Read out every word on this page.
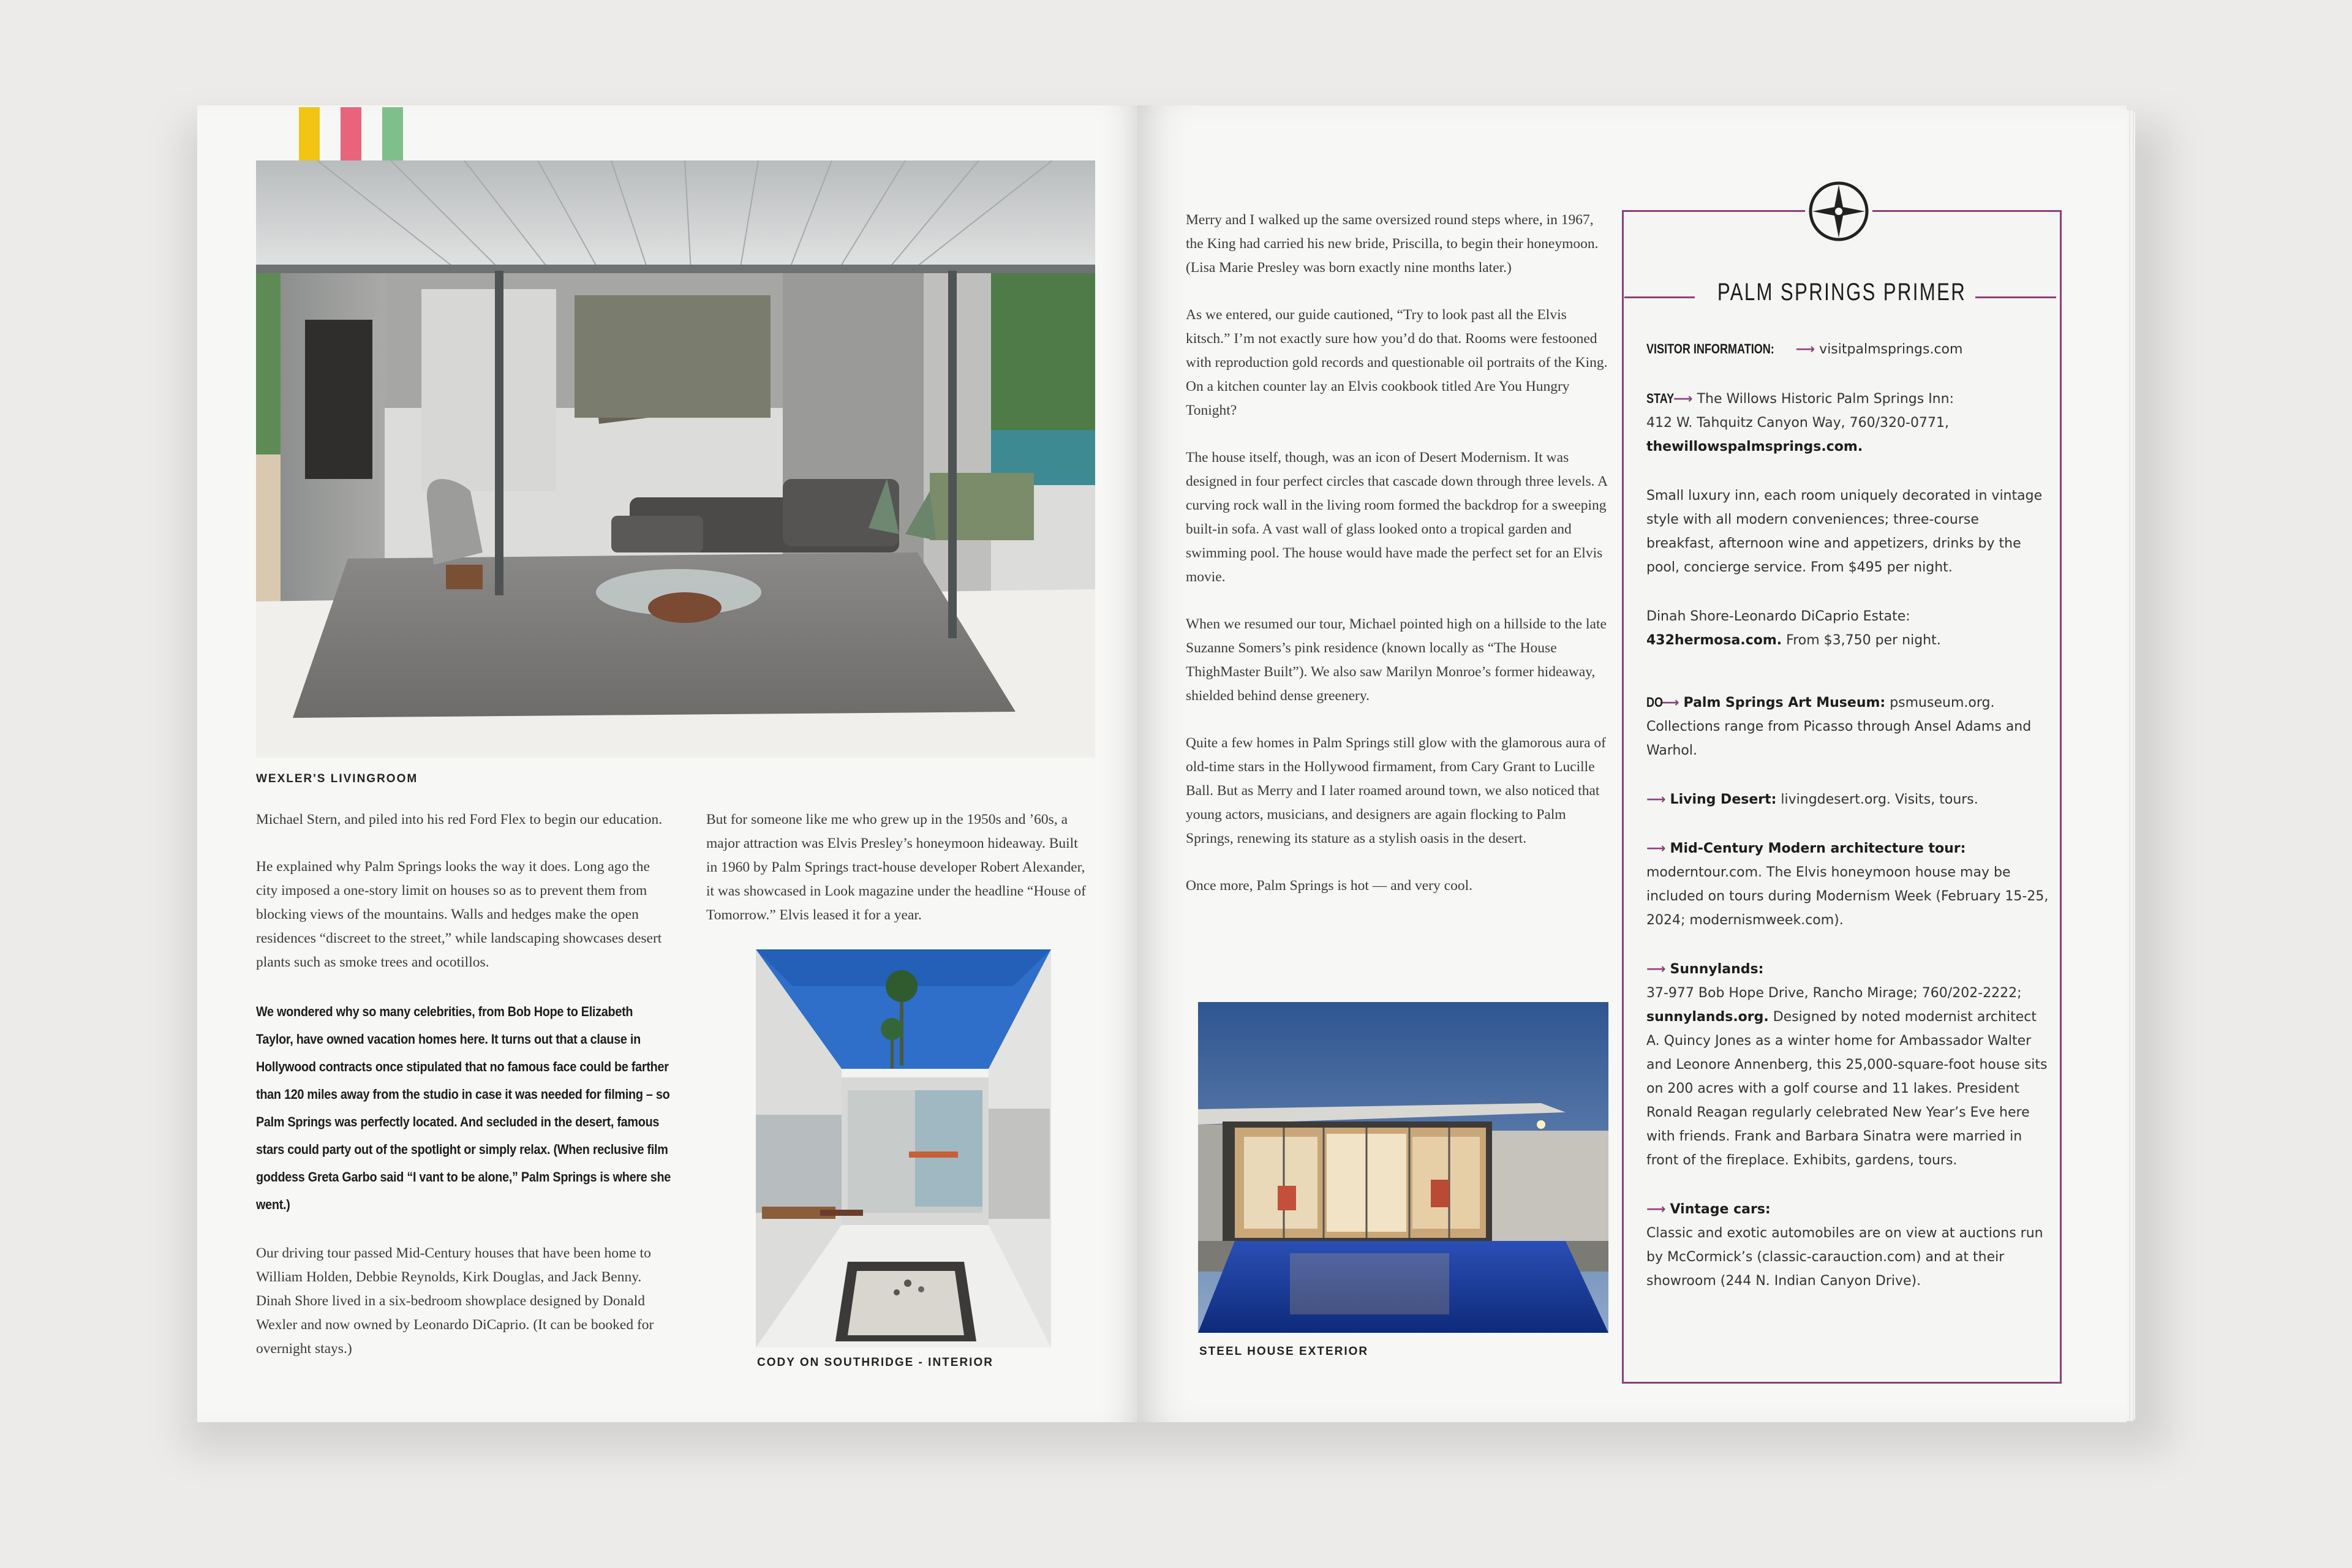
WEXLER'S LIVINGROOM

Michael Stern, and piled into his red Ford Flex to begin our education.

He explained why Palm Springs looks the way it does. Long ago the city imposed a one-story limit on houses so as to prevent them from blocking views of the mountains. Walls and hedges make the open residences “discreet to the street,” while landscaping showcases desert plants such as smoke trees and ocotillos.

We wondered why so many celebrities, from Bob Hope to Elizabeth Taylor, have owned vacation homes here. It turns out that a clause in Hollywood contracts once stipulated that no famous face could be farther than 120 miles away from the studio in case it was needed for filming – so Palm Springs was perfectly located. And secluded in the desert, famous stars could party out of the spotlight or simply relax. (When reclusive film goddess Greta Garbo said “I vant to be alone,” Palm Springs is where she went.)

Our driving tour passed Mid-Century houses that have been home to William Holden, Debbie Reynolds, Kirk Douglas, and Jack Benny. Dinah Shore lived in a six-bedroom showplace designed by Donald Wexler and now owned by Leonardo DiCaprio. (It can be booked for overnight stays.)

But for someone like me who grew up in the 1950s and ’60s, a major attraction was Elvis Presley’s honeymoon hideaway. Built in 1960 by Palm Springs tract-house developer Robert Alexander, it was showcased in Look magazine under the headline “House of Tomorrow.” Elvis leased it for a year.

CODY ON SOUTHRIDGE - INTERIOR

Merry and I walked up the same oversized round steps where, in 1967, the King had carried his new bride, Priscilla, to begin their honeymoon. (Lisa Marie Presley was born exactly nine months later.)

As we entered, our guide cautioned, “Try to look past all the Elvis kitsch.” I’m not exactly sure how you’d do that. Rooms were festooned with reproduction gold records and questionable oil portraits of the King. On a kitchen counter lay an Elvis cookbook titled Are You Hungry Tonight?

The house itself, though, was an icon of Desert Modernism. It was designed in four perfect circles that cascade down through three levels. A curving rock wall in the living room formed the backdrop for a sweeping built-in sofa. A vast wall of glass looked onto a tropical garden and swimming pool. The house would have made the perfect set for an Elvis movie.

When we resumed our tour, Michael pointed high on a hillside to the late Suzanne Somers’s pink residence (known locally as “The House ThighMaster Built”). We also saw Marilyn Monroe’s former hideaway, shielded behind dense greenery.

Quite a few homes in Palm Springs still glow with the glamorous aura of old-time stars in the Hollywood firmament, from Cary Grant to Lucille Ball. But as Merry and I later roamed around town, we also noticed that young actors, musicians, and designers are again flocking to Palm Springs, renewing its stature as a stylish oasis in the desert.

Once more, Palm Springs is hot — and very cool.

STEEL HOUSE EXTERIOR
PALM SPRINGS PRIMER

VISITOR INFORMATION: ⟶ visitpalmsprings.com

STAY ⟶ The Willows Historic Palm Springs Inn:
412 W. Tahquitz Canyon Way, 760/320-0771,
thewillowspalmsprings.com.

Small luxury inn, each room uniquely decorated in vintage style with all modern conveniences; three-course breakfast, afternoon wine and appetizers, drinks by the pool, concierge service. From $495 per night.

Dinah Shore-Leonardo DiCaprio Estate:
432hermosa.com. From $3,750 per night.

DO ⟶ Palm Springs Art Museum: psmuseum.org. Collections range from Picasso through Ansel Adams and Warhol.

⟶ Living Desert: livingdesert.org. Visits, tours.

⟶ Mid-Century Modern architecture tour:
moderntour.com. The Elvis honeymoon house may be included on tours during Modernism Week (February 15-25, 2024; modernismweek.com).

⟶ Sunnylands:
37-977 Bob Hope Drive, Rancho Mirage; 760/202-2222;
sunnylands.org. Designed by noted modernist architect A. Quincy Jones as a winter home for Ambassador Walter and Leonore Annenberg, this 25,000-square-foot house sits on 200 acres with a golf course and 11 lakes. President Ronald Reagan regularly celebrated New Year’s Eve here with friends. Frank and Barbara Sinatra were married in front of the fireplace. Exhibits, gardens, tours.

⟶ Vintage cars:
Classic and exotic automobiles are on view at auctions run by McCormick’s (classic-carauction.com) and at their showroom (244 N. Indian Canyon Drive).
